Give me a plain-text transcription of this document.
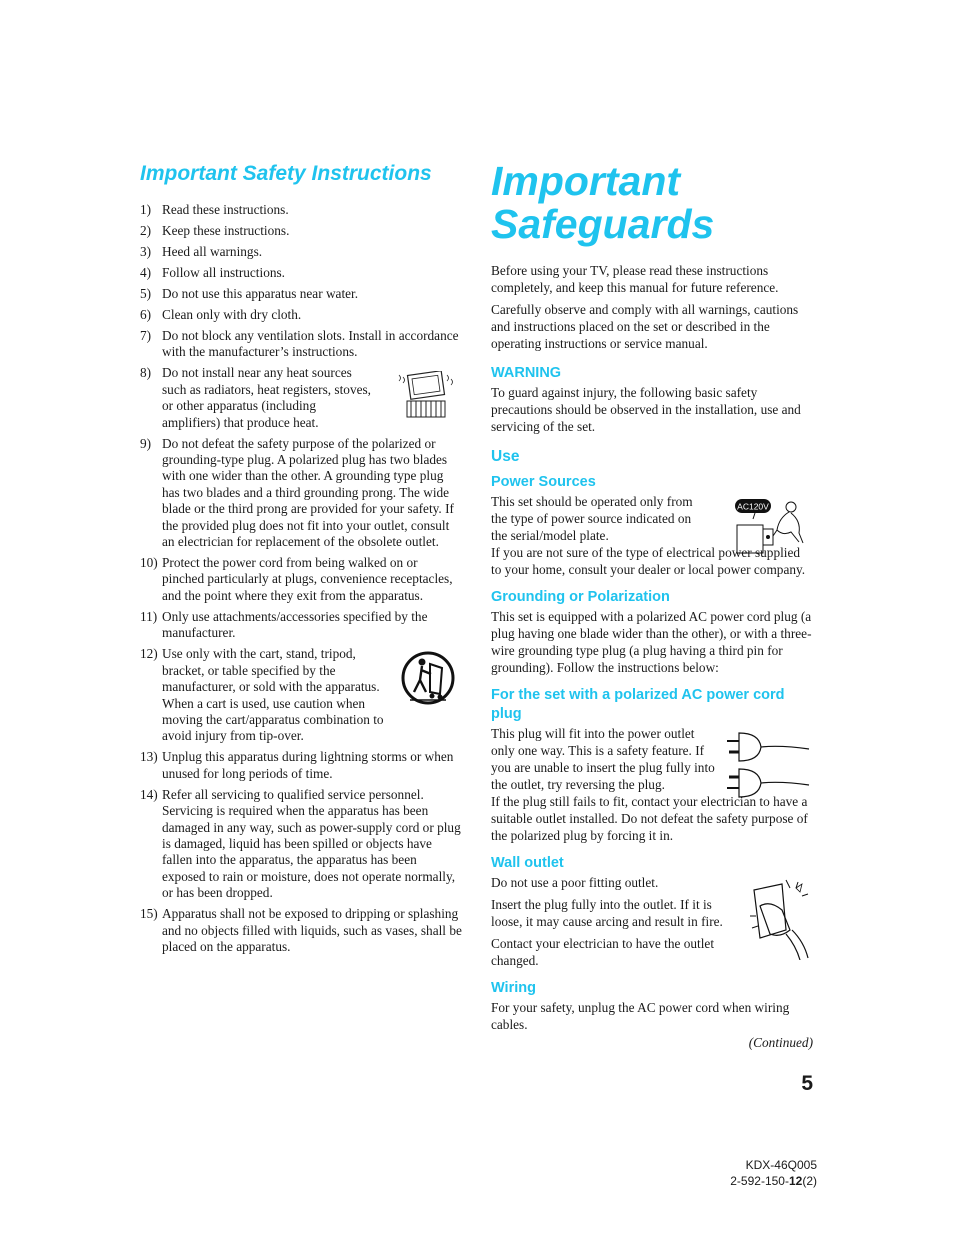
Important Safety Instructions
1) Read these instructions.
2) Keep these instructions.
3) Heed all warnings.
4) Follow all instructions.
5) Do not use this apparatus near water.
6) Clean only with dry cloth.
7) Do not block any ventilation slots. Install in accordance with the manufacturer’s instructions.
8) Do not install near any heat sources such as radiators, heat registers, stoves, or other apparatus (including amplifiers) that produce heat.
9) Do not defeat the safety purpose of the polarized or grounding-type plug. A polarized plug has two blades with one wider than the other. A grounding type plug has two blades and a third grounding prong. The wide blade or the third prong are provided for your safety. If the provided plug does not fit into your outlet, consult an electrician for replacement of the obsolete outlet.
10) Protect the power cord from being walked on or pinched particularly at plugs, convenience receptacles, and the point where they exit from the apparatus.
11) Only use attachments/accessories specified by the manufacturer.
12) Use only with the cart, stand, tripod, bracket, or table specified by the manufacturer, or sold with the apparatus. When a cart is used, use caution when moving the cart/apparatus combination to avoid injury from tip-over.
13) Unplug this apparatus during lightning storms or when unused for long periods of time.
14) Refer all servicing to qualified service personnel. Servicing is required when the apparatus has been damaged in any way, such as power-supply cord or plug is damaged, liquid has been spilled or objects have fallen into the apparatus, the apparatus has been exposed to rain or moisture, does not operate normally, or has been dropped.
15) Apparatus shall not be exposed to dripping or splashing and no objects filled with liquids, such as vases, shall be placed on the apparatus.
Important
Safeguards

Before using your TV, please read these instructions completely, and keep this manual for future reference.

Carefully observe and comply with all warnings, cautions and instructions placed on the set or described in the operating instructions or service manual.

WARNING

To guard against injury, the following basic safety precautions should be observed in the installation, use and servicing of the set.

Use
Power Sources

This set should be operated only from the type of power source indicated on the serial/model plate.

If you are not sure of the type of electrical power supplied to your home, consult your dealer or local power company.

AC120V
Grounding or Polarization

This set is equipped with a polarized AC power cord plug (a plug having one blade wider than the other), or with a three-wire grounding type plug (a plug having a third pin for grounding). Follow the instructions below:

For the set with a polarized AC power cord plug

This plug will fit into the power outlet only one way. This is a safety feature. If you are unable to insert the plug fully into the outlet, try reversing the plug.

If the plug still fails to fit, contact your electrician to have a suitable outlet installed. Do not defeat the safety purpose of the polarized plug by forcing it in.

Wall outlet

Do not use a poor fitting outlet.

Insert the plug fully into the outlet. If it is loose, it may cause arcing and result in fire.

Contact your electrician to have the outlet changed.

Wiring

For your safety, unplug the AC power cord when wiring cables.

(Continued)
5
KDX-46Q005
2-592-150-12(2)
